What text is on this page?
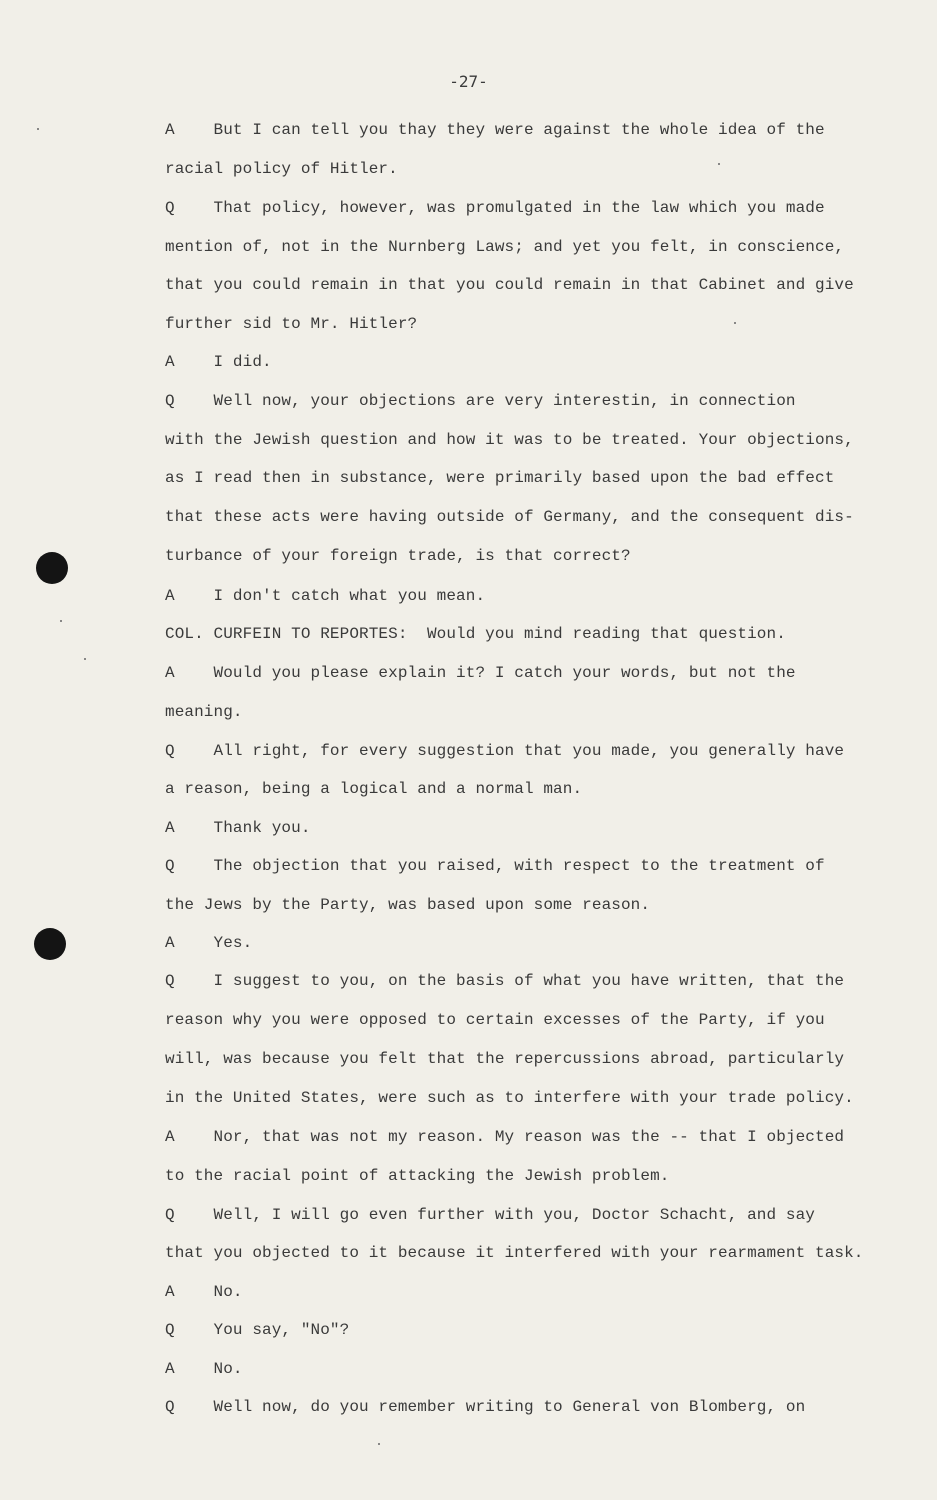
-27-
A    But I can tell you thay they were against the whole idea of the
racial policy of Hitler.
Q    That policy, however, was promulgated in the law which you made
mention of, not in the Nurnberg Laws; and yet you felt, in conscience,
that you could remain in that you could remain in that Cabinet and give
further sid to Mr. Hitler?
A    I did.
Q    Well now, your objections are very interestin, in connection
with the Jewish question and how it was to be treated. Your objections,
as I read then in substance, were primarily based upon the bad effect
that these acts were having outside of Germany, and the consequent dis-
turbance of your foreign trade, is that correct?
A    I don't catch what you mean.
COL. CURFEIN TO REPORTES:  Would you mind reading that question.
A    Would you please explain it? I catch your words, but not the
meaning.
Q    All right, for every suggestion that you made, you generally have
a reason, being a logical and a normal man.
A    Thank you.
Q    The objection that you raised, with respect to the treatment of
the Jews by the Party, was based upon some reason.
A    Yes.
Q    I suggest to you, on the basis of what you have written, that the
reason why you were opposed to certain excesses of the Party, if you
will, was because you felt that the repercussions abroad, particularly
in the United States, were such as to interfere with your trade policy.
A    Nor, that was not my reason. My reason was the -- that I objected
to the racial point of attacking the Jewish problem.
Q    Well, I will go even further with you, Doctor Schacht, and say
that you objected to it because it interfered with your rearmament task.
A    No.
Q    You say, "No"?
A    No.
Q    Well now, do you remember writing to General von Blomberg, on
